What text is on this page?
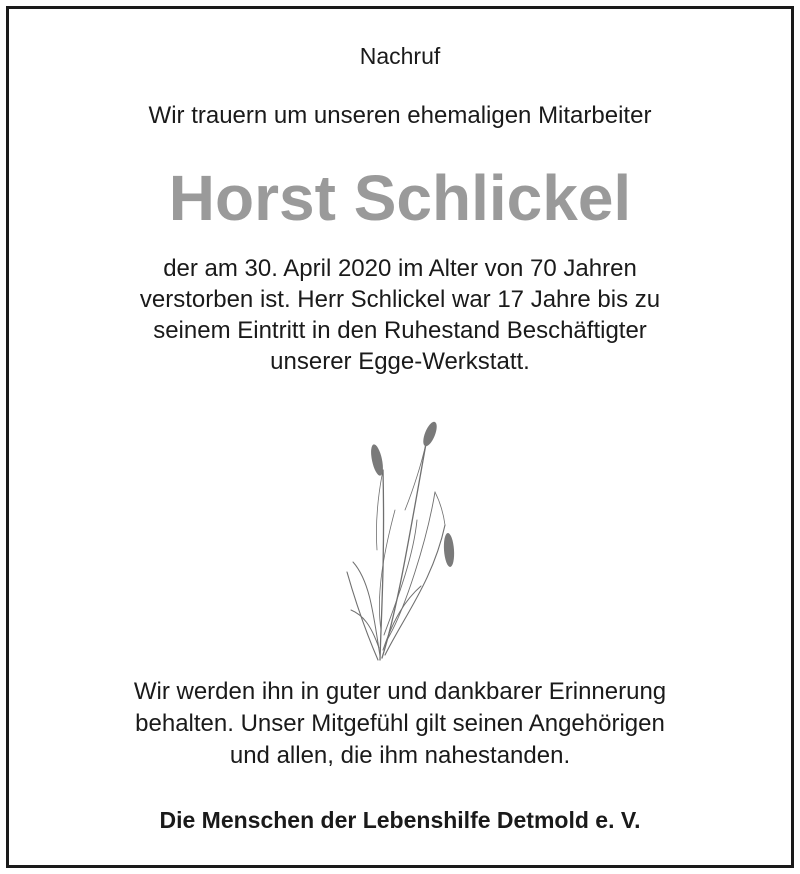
Nachruf

Wir trauern um unseren ehemaligen Mitarbeiter

Horst Schlickel

der am 30. April 2020 im Alter von 70 Jahren
verstorben ist. Herr Schlickel war 17 Jahre bis zu
seinem Eintritt in den Ruhestand Beschäftigter
unserer Egge-Werkstatt.
Wir werden ihn in guter und dankbarer Erinnerung
behalten. Unser Mitgefühl gilt seinen Angehörigen
und allen, die ihm nahestanden.

Die Menschen der Lebenshilfe Detmold e. V.
